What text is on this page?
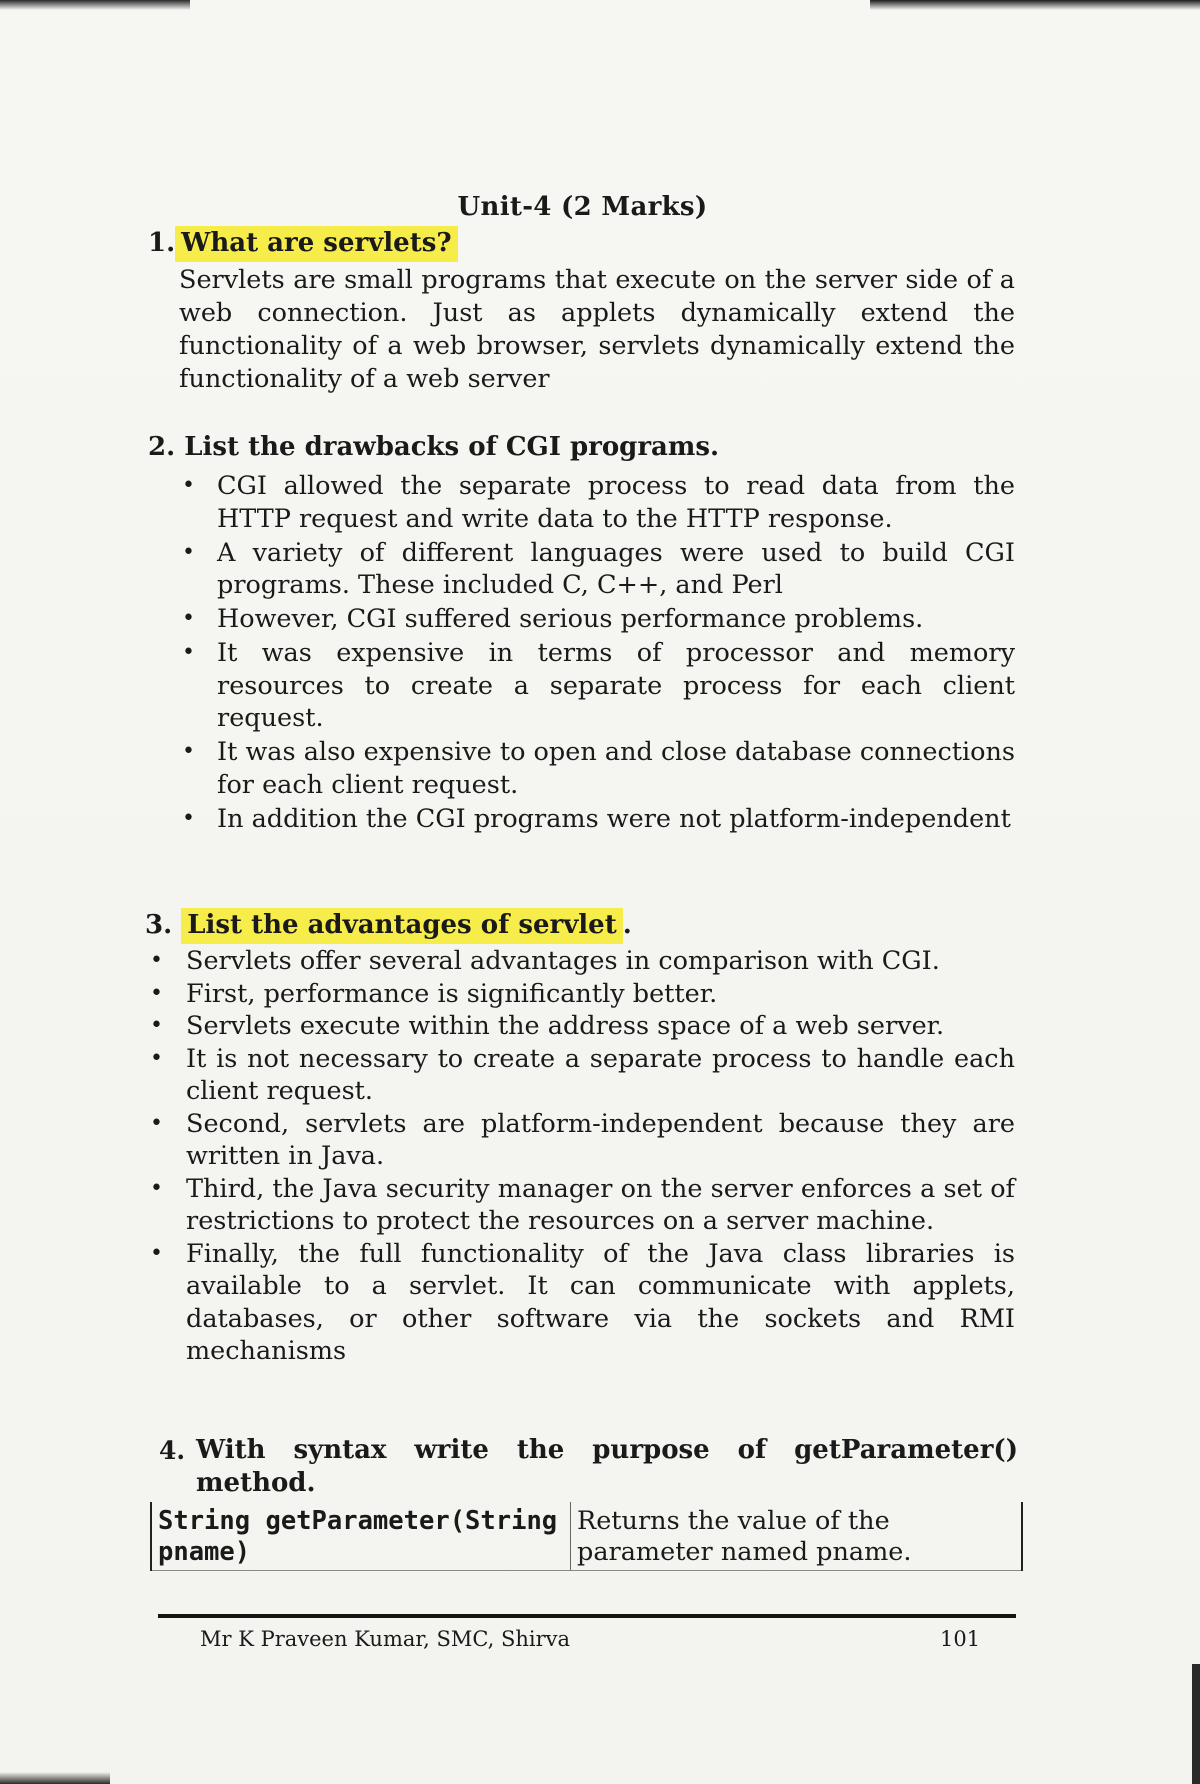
Unit-4 (2 Marks)
1. What are servlets?
Servlets are small programs that execute on the server side of a web connection. Just as applets dynamically extend the functionality of a web browser, servlets dynamically extend the functionality of a web server
2. List the drawbacks of CGI programs.
• CGI allowed the separate process to read data from the HTTP request and write data to the HTTP response.
• A variety of different languages were used to build CGI programs. These included C, C++, and Perl
• However, CGI suffered serious performance problems.
• It was expensive in terms of processor and memory resources to create a separate process for each client request.
• It was also expensive to open and close database connections for each client request.
• In addition the CGI programs were not platform-independent
3. List the advantages of servlet .
• Servlets offer several advantages in comparison with CGI.
• First, performance is significantly better.
• Servlets execute within the address space of a web server.
• It is not necessary to create a separate process to handle each client request.
• Second, servlets are platform-independent because they are written in Java.
• Third, the Java security manager on the server enforces a set of restrictions to protect the resources on a server machine.
• Finally, the full functionality of the Java class libraries is available to a servlet. It can communicate with applets, databases, or other software via the sockets and RMI mechanisms
4. With syntax write the purpose of getParameter() method.
String getParameter(String pname)	Returns the value of the parameter named pname.
Mr K Praveen Kumar, SMC, Shirva	101
